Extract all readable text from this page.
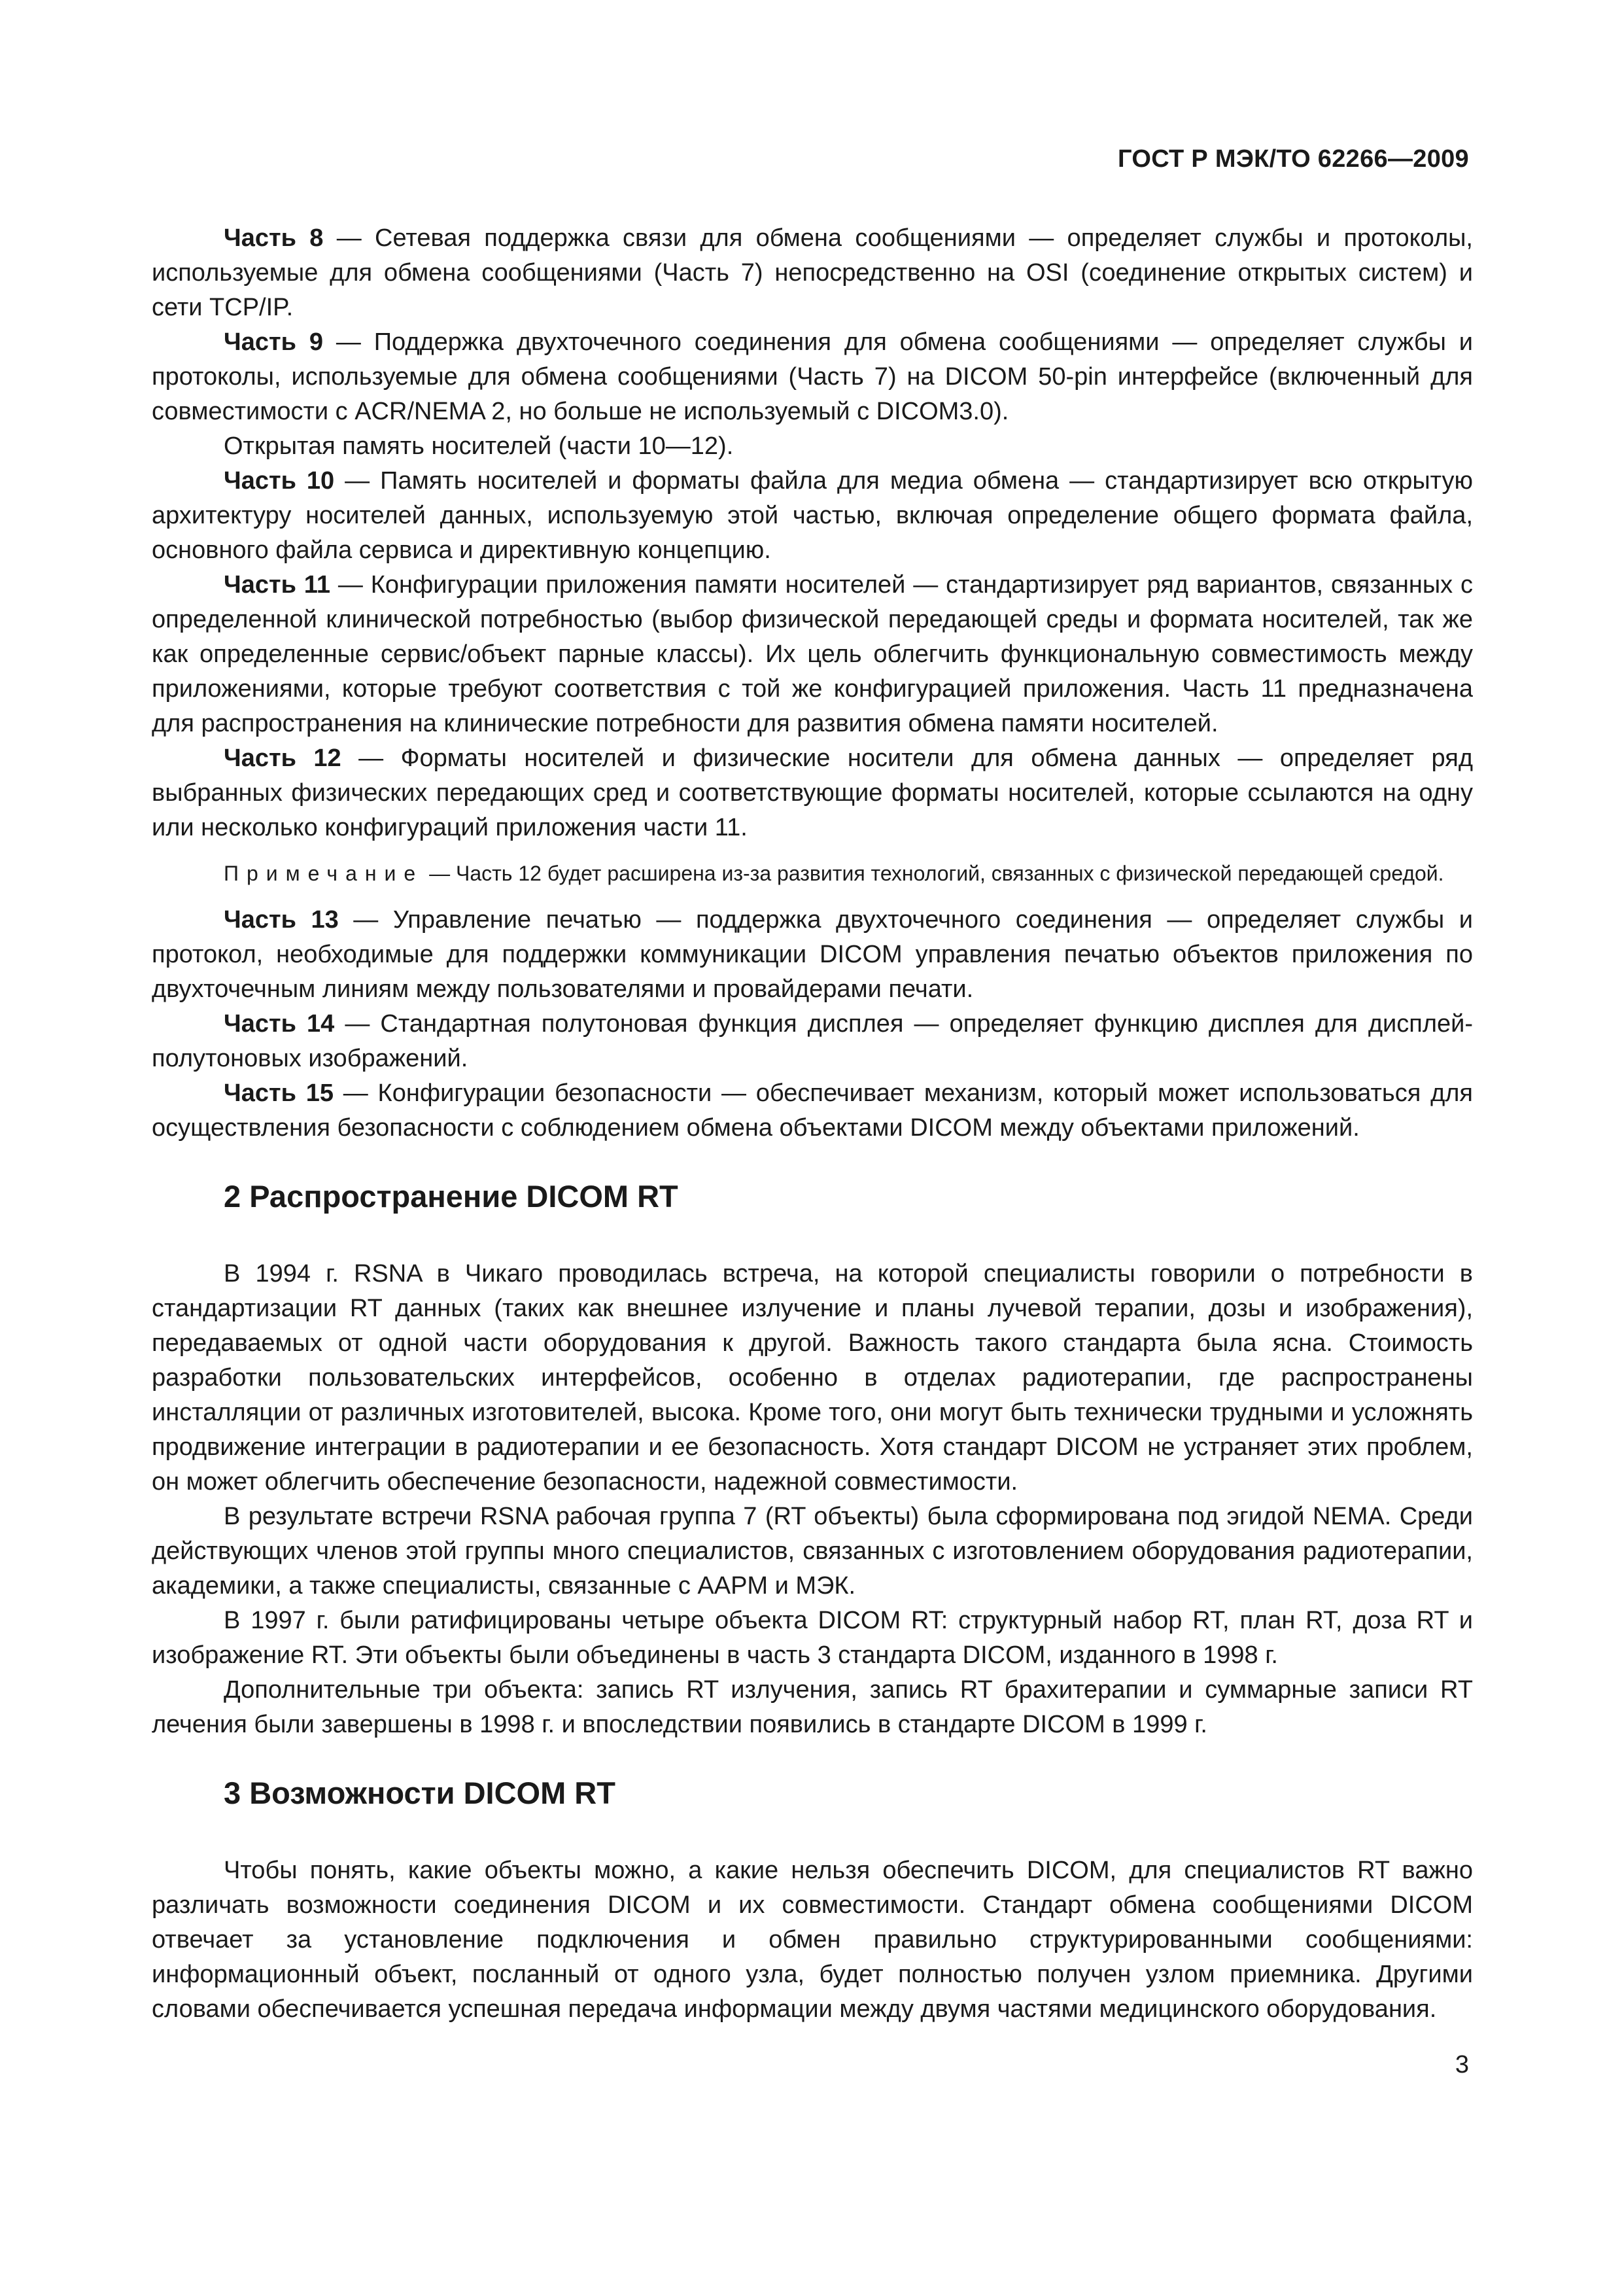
ГОСТ Р МЭК/ТО 62266—2009

Часть 8 — Сетевая поддержка связи для обмена сообщениями — определяет службы и протоколы, используемые для обмена сообщениями (Часть 7) непосредственно на OSI (соединение открытых систем) и сети TCP/IP.

Часть 9 — Поддержка двухточечного соединения для обмена сообщениями — определяет службы и протоколы, используемые для обмена сообщениями (Часть 7) на DICOM 50-pin интерфейсе (включенный для совместимости с ACR/NEMA 2, но больше не используемый с DICOM3.0).

Открытая память носителей (части 10—12).

Часть 10 — Память носителей и форматы файла для медиа обмена — стандартизирует всю открытую архитектуру носителей данных, используемую этой частью, включая определение общего формата файла, основного файла сервиса и директивную концепцию.

Часть 11 — Конфигурации приложения памяти носителей — стандартизирует ряд вариантов, связанных с определенной клинической потребностью (выбор физической передающей среды и формата носителей, так же как определенные сервис/объект парные классы). Их цель облегчить функциональную совместимость между приложениями, которые требуют соответствия с той же конфигурацией приложения. Часть 11 предназначена для распространения на клинические потребности для развития обмена памяти носителей.

Часть 12 — Форматы носителей и физические носители для обмена данных — определяет ряд выбранных физических передающих сред и соответствующие форматы носителей, которые ссылаются на одну или несколько конфигураций приложения части 11.

Примечание — Часть 12 будет расширена из-за развития технологий, связанных с физической передающей средой.

Часть 13 — Управление печатью — поддержка двухточечного соединения — определяет службы и протокол, необходимые для поддержки коммуникации DICOM управления печатью объектов приложения по двухточечным линиям между пользователями и провайдерами печати.

Часть 14 — Стандартная полутоновая функция дисплея — определяет функцию дисплея для дисплей-полутоновых изображений.

Часть 15 — Конфигурации безопасности — обеспечивает механизм, который может использоваться для осуществления безопасности с соблюдением обмена объектами DICOM между объектами приложений.

2 Распространение DICOM RT

В 1994 г. RSNA в Чикаго проводилась встреча, на которой специалисты говорили о потребности в стандартизации RT данных (таких как внешнее излучение и планы лучевой терапии, дозы и изображения), передаваемых от одной части оборудования к другой. Важность такого стандарта была ясна. Стоимость разработки пользовательских интерфейсов, особенно в отделах радиотерапии, где распространены инсталляции от различных изготовителей, высока. Кроме того, они могут быть технически трудными и усложнять продвижение интеграции в радиотерапии и ее безопасность. Хотя стандарт DICOM не устраняет этих проблем, он может облегчить обеспечение безопасности, надежной совместимости.

В результате встречи RSNA рабочая группа 7 (RT объекты) была сформирована под эгидой NEMA. Среди действующих членов этой группы много специалистов, связанных с изготовлением оборудования радиотерапии, академики, а также специалисты, связанные с AAPM и МЭК.

В 1997 г. были ратифицированы четыре объекта DICOM RT: структурный набор RT, план RT, доза RT и изображение RT. Эти объекты были объединены в часть 3 стандарта DICOM, изданного в 1998 г.

Дополнительные три объекта: запись RT излучения, запись RT брахитерапии и суммарные записи RT лечения были завершены в 1998 г. и впоследствии появились в стандарте DICOM в 1999 г.

3 Возможности DICOM RT

Чтобы понять, какие объекты можно, а какие нельзя обеспечить DICOM, для специалистов RT важно различать возможности соединения DICOM и их совместимости. Стандарт обмена сообщениями DICOM отвечает за установление подключения и обмен правильно структурированными сообщениями: информационный объект, посланный от одного узла, будет полностью получен узлом приемника. Другими словами обеспечивается успешная передача информации между двумя частями медицинского оборудования.

3
